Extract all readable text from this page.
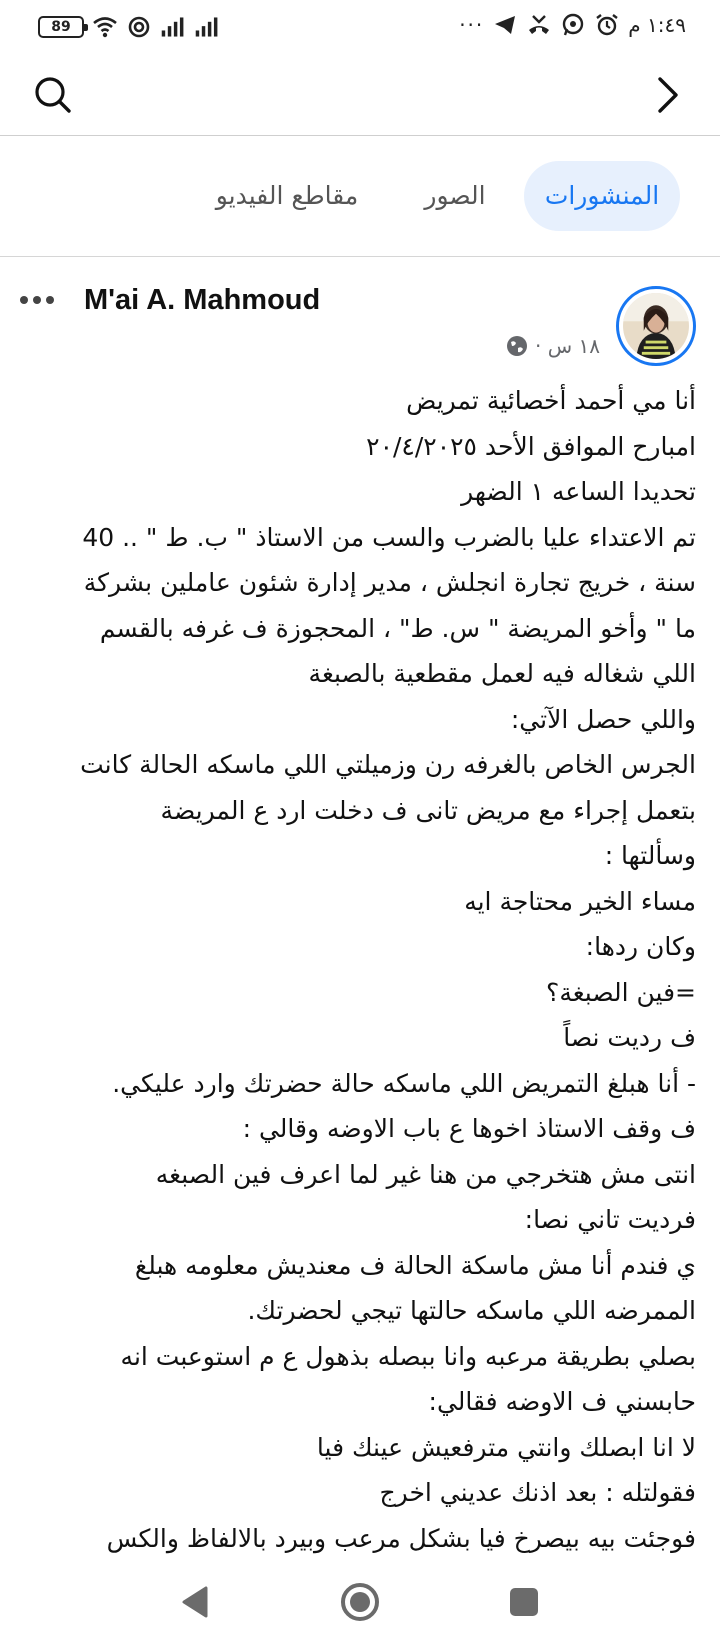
89	···	١:٤٩ م
المنشورات
الصور
مقاطع الفيديو
M'ai A. Mahmoud
١٨ س ·
أنا مي أحمد أخصائية تمريض
امبارح الموافق الأحد ٢٠/٤/٢٠٢٥
تحديدا الساعه ١ الضهر
تم الاعتداء عليا بالضرب والسب من الاستاذ " ب. ط " .. 40
سنة ، خريج تجارة انجلش ، مدير إدارة شئون عاملين بشركة
ما " وأخو المريضة " س. ط" ، المحجوزة ف غرفه بالقسم
اللي شغاله فيه لعمل مقطعية بالصبغة
واللي حصل الآتي:
الجرس الخاص بالغرفه رن وزميلتي اللي ماسكه الحالة كانت
بتعمل إجراء مع مريض تانى ف دخلت ارد ع المريضة
وسألتها :
مساء الخير محتاجة ايه
وكان ردها:
=فين الصبغة؟
ف رديت نصاً
- أنا هبلغ التمريض اللي ماسكه حالة حضرتك وارد عليكي.
ف وقف الاستاذ اخوها ع باب الاوضه وقالي :
انتى مش هتخرجي من هنا غير لما اعرف فين الصبغه
فرديت تاني نصا:
ي فندم أنا مش ماسكة الحالة ف معنديش معلومه هبلغ
الممرضه اللي ماسكه حالتها تيجي لحضرتك.
بصلي بطريقة مرعبه وانا ببصله بذهول ع م استوعبت انه
حابسني ف الاوضه فقالي:
لا انا ابصلك وانتي مترفعيش عينك فيا
فقولتله : بعد اذنك عديني اخرج
فوجئت بيه بيصرخ فيا بشكل مرعب وبيرد بالالفاظ والكس
